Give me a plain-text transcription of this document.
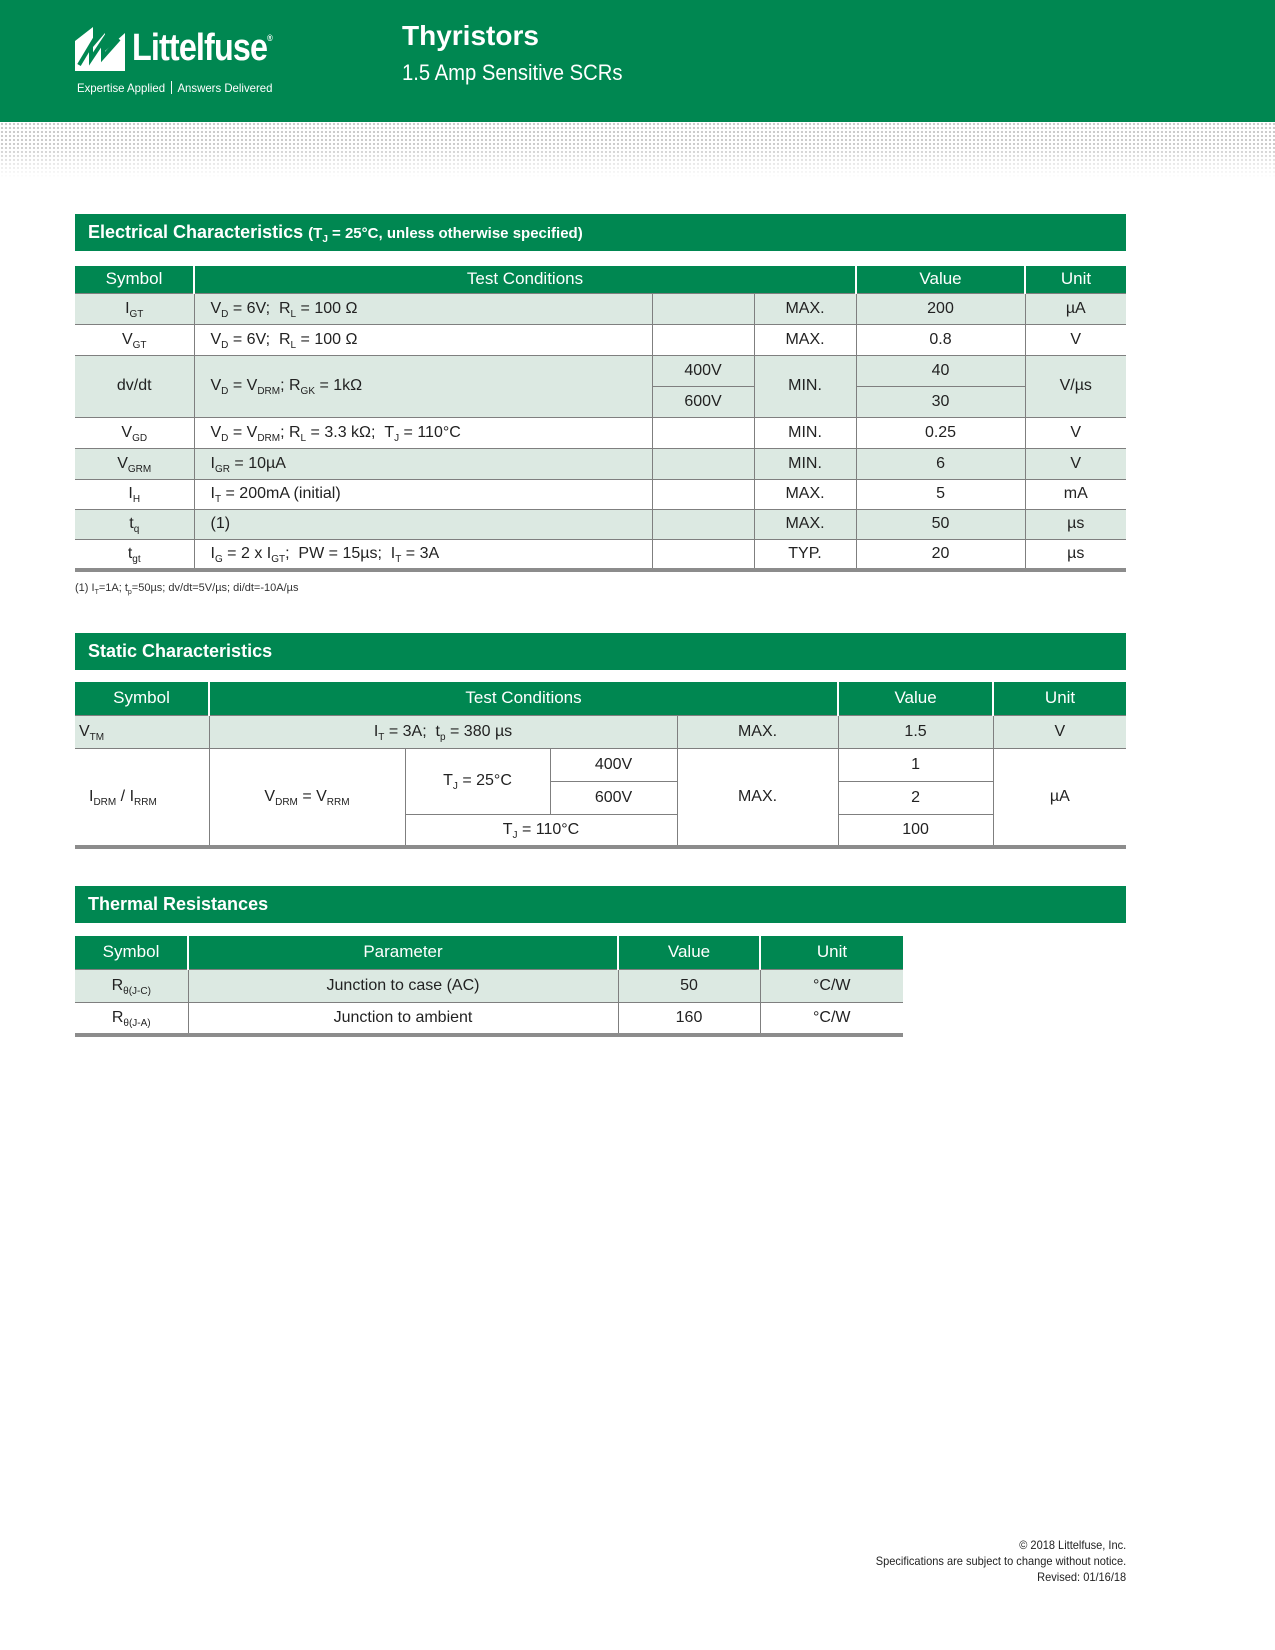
Littelfuse®
Expertise Applied Answers Delivered
Thyristors
1.5 Amp Sensitive SCRs
Electrical Characteristics ($T_J = 25^\circ C$, unless otherwise specified)
Symbol	Test Conditions			Value	Unit
$I_{GT}$	$V_D = 6V$;  $R_L = 100$ Ω		MAX.	200	µA
$V_{GT}$	$V_D = 6V$;  $R_L = 100$ Ω		MAX.	0.8	V
dv/dt	$V_D = V_{DRM}$; $R_{GK} = 1k\Omega$	400V	MIN.	40	V/µs
		600V		30	
$V_{GD}$	$V_D = V_{DRM}$; $R_L = 3.3$ kΩ;  $T_J = 110^\circ C$		MIN.	0.25	V
$V_{GRM}$	$I_{GR} = 10\mu A$		MIN.	6	V
$I_H$	$I_T = 200mA$ (initial)		MAX.	5	mA
$t_q$	(1)		MAX.	50	µs
$t_{gt}$	$I_G = 2$ x $I_{GT}$;  PW = 15µs;  $I_T = 3A$		TYP.	20	µs
(1) $I_T=1A$; $t_p=50\mu s$; dv/dt=5V/µs; di/dt=-10A/µs
Static Characteristics
Symbol	Test Conditions				Value	Unit
$V_{TM}$	$I_T = 3A$;  $t_p = 380$ µs			MAX.	1.5	V
$I_{DRM} / I_{RRM}$	$V_{DRM} = V_{RRM}$	$T_J = 25^\circ C$	400V	MAX.	1	µA
			600V		2	
		$T_J = 110^\circ C$			100	
Thermal Resistances
Symbol	Parameter	Value	Unit
$R_{\theta(J-C)}$	Junction to case (AC)	50	°C/W
$R_{\theta(J-A)}$	Junction to ambient	160	°C/W
© 2018 Littelfuse, Inc.
Specifications are subject to change without notice.
Revised: 01/16/18
